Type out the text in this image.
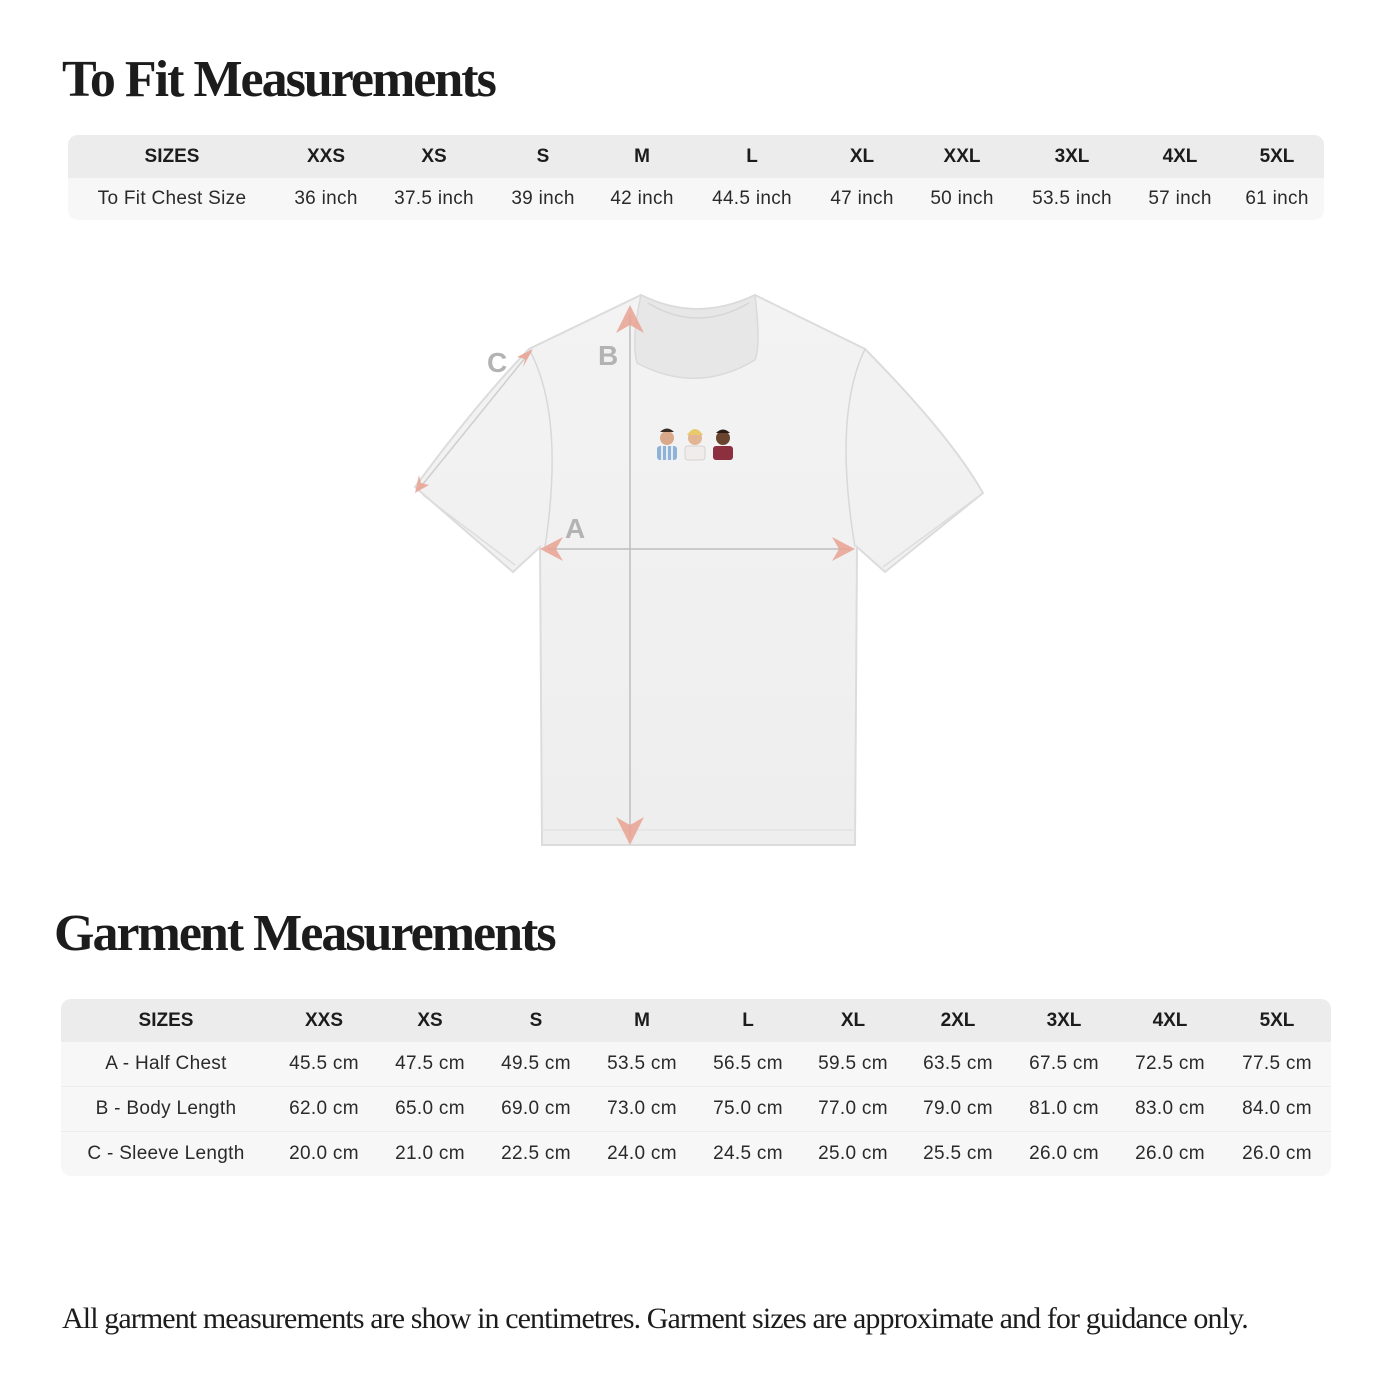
To Fit Measurements
SIZES	XXS	XS	S	M	L	XL	XXL	3XL	4XL	5XL
To Fit Chest Size	36 inch	37.5 inch	39 inch	42 inch	44.5 inch	47 inch	50 inch	53.5 inch	57 inch	61 inch
B
A
C
Garment Measurements
SIZES	XXS	XS	S	M	L	XL	2XL	3XL	4XL	5XL
A - Half Chest	45.5 cm	47.5 cm	49.5 cm	53.5 cm	56.5 cm	59.5 cm	63.5 cm	67.5 cm	72.5 cm	77.5 cm
B - Body Length	62.0 cm	65.0 cm	69.0 cm	73.0 cm	75.0 cm	77.0 cm	79.0 cm	81.0 cm	83.0 cm	84.0 cm
C - Sleeve Length	20.0 cm	21.0 cm	22.5 cm	24.0 cm	24.5 cm	25.0 cm	25.5 cm	26.0 cm	26.0 cm	26.0 cm

All garment measurements are show in centimetres. Garment sizes are approximate and for guidance only.
